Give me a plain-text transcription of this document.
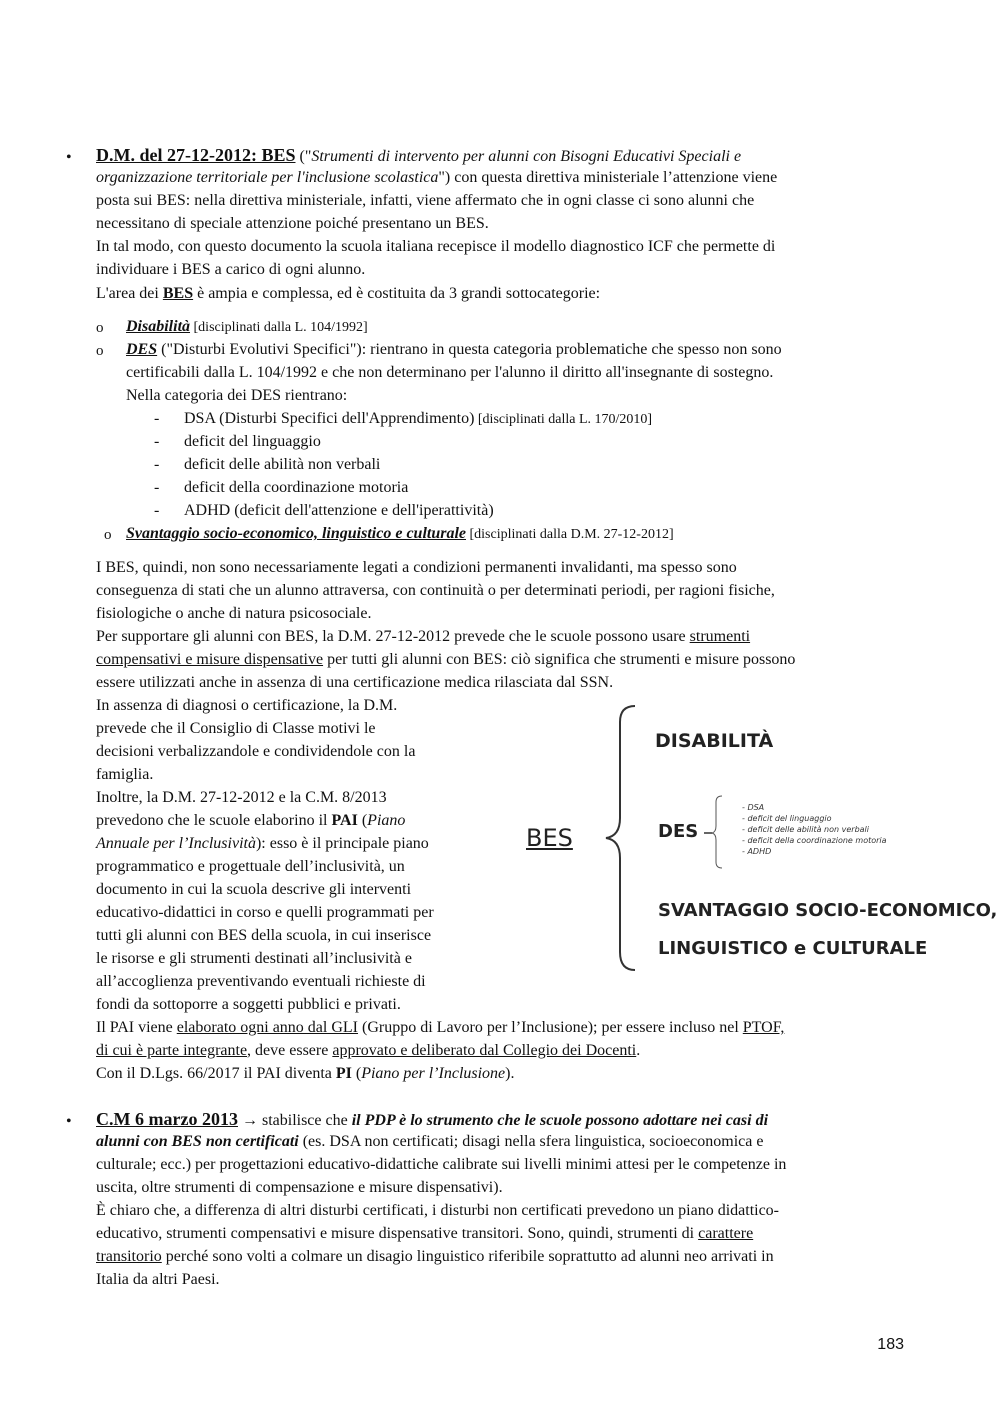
• D.M. del 27-12-2012: BES ("Strumenti di intervento per alunni con Bisogni Educativi Speciali e
organizzazione territoriale per l'inclusione scolastica") con questa direttiva ministeriale l’attenzione viene
posta sui BES: nella direttiva ministeriale, infatti, viene affermato che in ogni classe ci sono alunni che
necessitano di speciale attenzione poiché presentano un BES.
In tal modo, con questo documento la scuola italiana recepisce il modello diagnostico ICF che permette di
individuare i BES a carico di ogni alunno.
L'area dei BES è ampia e complessa, ed è costituita da 3 grandi sottocategorie:
o Disabilità [disciplinati dalla L. 104/1992]
o DES ("Disturbi Evolutivi Specifici"): rientrano in questa categoria problematiche che spesso non sono
certificabili dalla L. 104/1992 e che non determinano per l'alunno il diritto all'insegnante di sostegno.
Nella categoria dei DES rientrano:
- DSA (Disturbi Specifici dell'Apprendimento) [disciplinati dalla L. 170/2010]
- deficit del linguaggio
- deficit delle abilità non verbali
- deficit della coordinazione motoria
- ADHD (deficit dell'attenzione e dell'iperattività)
o Svantaggio socio-economico, linguistico e culturale [disciplinati dalla D.M. 27-12-2012]
I BES, quindi, non sono necessariamente legati a condizioni permanenti invalidanti, ma spesso sono
conseguenza di stati che un alunno attraversa, con continuità o per determinati periodi, per ragioni fisiche,
fisiologiche o anche di natura psicosociale.
Per supportare gli alunni con BES, la D.M. 27-12-2012 prevede che le scuole possono usare strumenti
compensativi e misure dispensative per tutti gli alunni con BES: ciò significa che strumenti e misure possono
essere utilizzati anche in assenza di una certificazione medica rilasciata dal SSN.
In assenza di diagnosi o certificazione, la D.M.
prevede che il Consiglio di Classe motivi le
decisioni verbalizzandole e condividendole con la
famiglia.
Inoltre, la D.M. 27-12-2012 e la C.M. 8/2013
prevedono che le scuole elaborino il PAI (Piano
Annuale per l’Inclusività): esso è il principale piano
programmatico e progettuale dell’inclusività, un
documento in cui la scuola descrive gli interventi
educativo-didattici in corso e quelli programmati per
tutti gli alunni con BES della scuola, in cui inserisce
le risorse e gli strumenti destinati all’inclusività e
all’accoglienza preventivando eventuali richieste di
fondi da sottoporre a soggetti pubblici e privati.
BES
DISABILITÀ
DES
SVANTAGGIO SOCIO-ECONOMICO,
LINGUISTICO e CULTURALE
- DSA
- deficit del linguaggio
- deficit delle abilità non verbali
- deficit della coordinazione motoria
- ADHD
Il PAI viene elaborato ogni anno dal GLI (Gruppo di Lavoro per l’Inclusione); per essere incluso nel PTOF,
di cui è parte integrante, deve essere approvato e deliberato dal Collegio dei Docenti.
Con il D.Lgs. 66/2017 il PAI diventa PI (Piano per l’Inclusione).
• C.M 6 marzo 2013 → stabilisce che il PDP è lo strumento che le scuole possono adottare nei casi di
alunni con BES non certificati (es. DSA non certificati; disagi nella sfera linguistica, socioeconomica e
culturale; ecc.) per progettazioni educativo-didattiche calibrate sui livelli minimi attesi per le competenze in
uscita, oltre strumenti di compensazione e misure dispensativi).
È chiaro che, a differenza di altri disturbi certificati, i disturbi non certificati prevedono un piano didattico-
educativo, strumenti compensativi e misure dispensative transitori. Sono, quindi, strumenti di carattere
transitorio perché sono volti a colmare un disagio linguistico riferibile soprattutto ad alunni neo arrivati in
Italia da altri Paesi.
183
